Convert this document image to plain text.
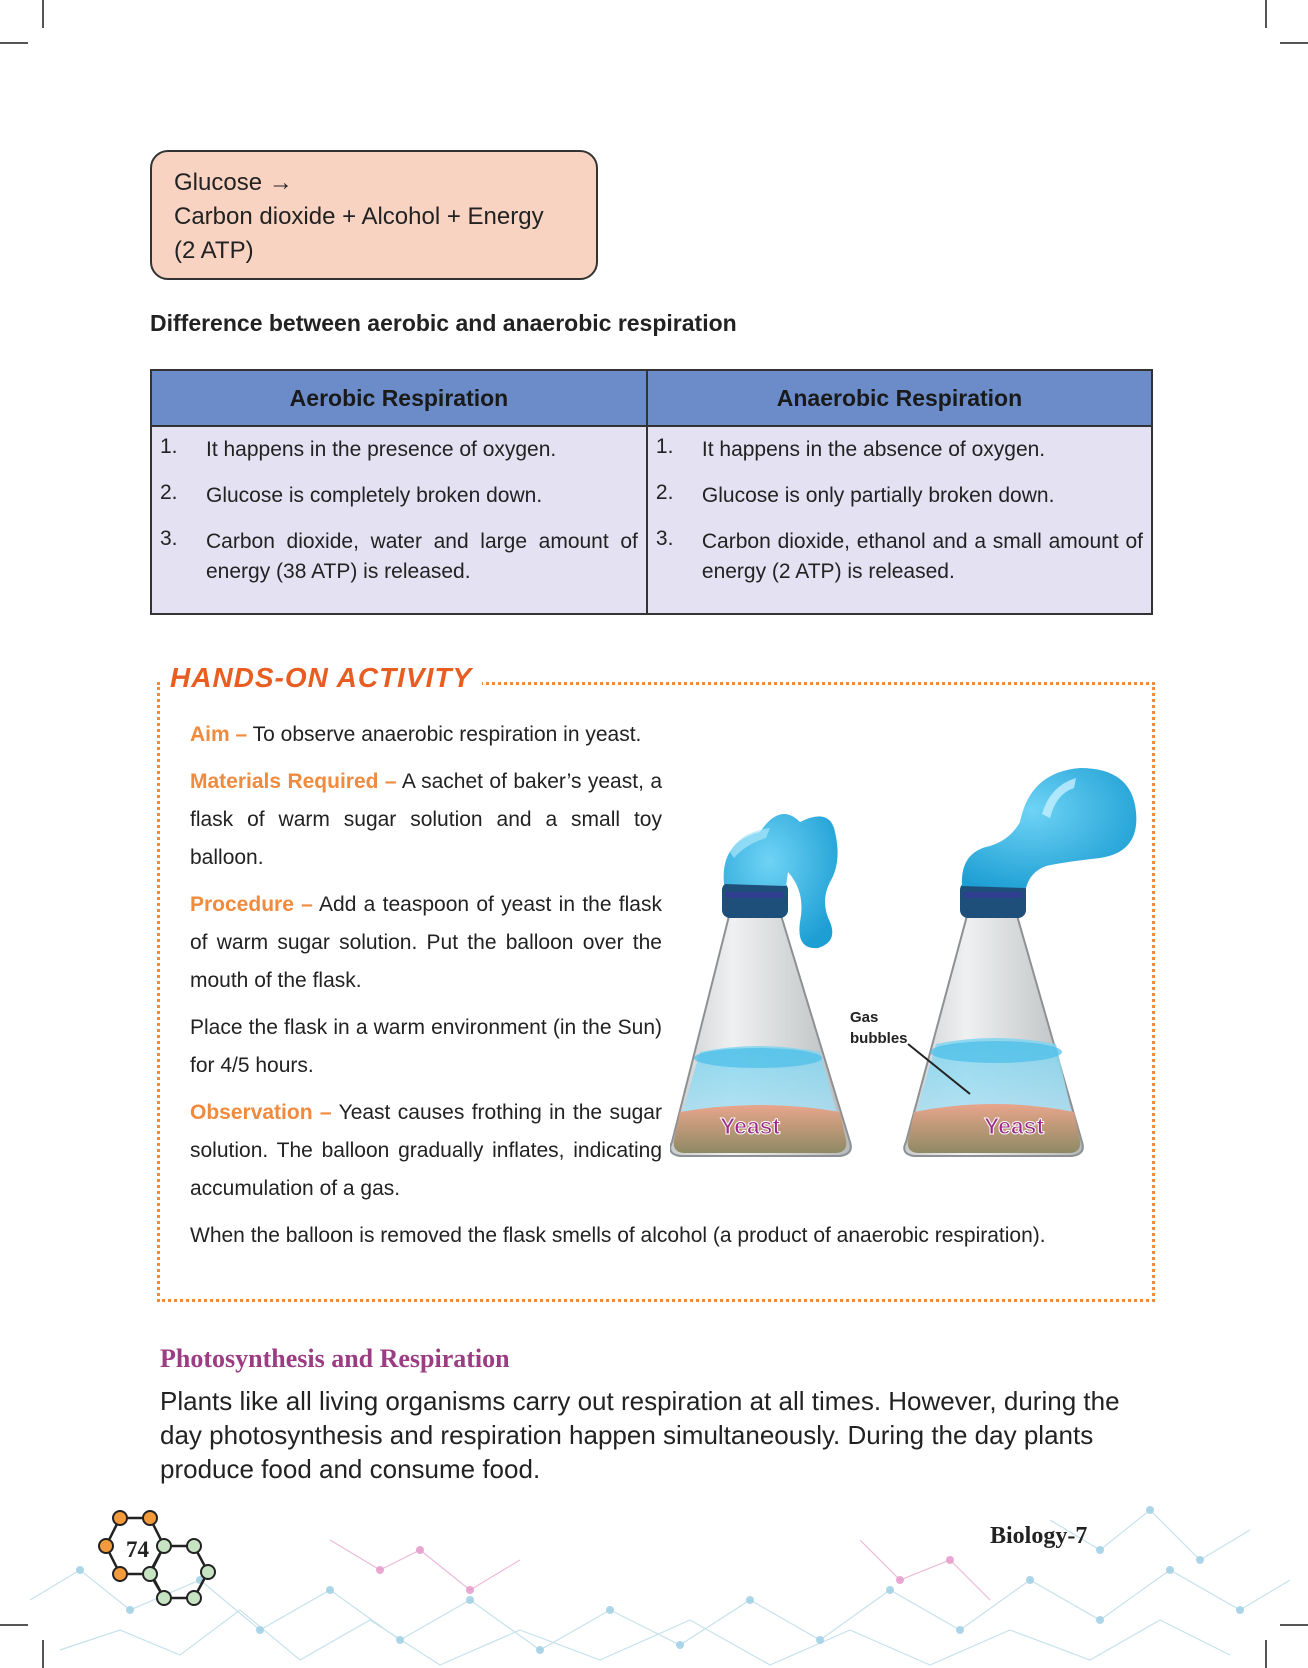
Glucose →
Carbon dioxide + Alcohol + Energy
(2 ATP)
Difference between aerobic and anaerobic respiration
Aerobic Respiration		Anaerobic Respiration	
1.	It happens in the presence of oxygen.	1.	It happens in the absence of oxygen.
2.	Glucose is completely broken down.	2.	Glucose is only partially broken down.
3.	Carbon dioxide, water and large amount of energy (38 ATP) is released.	3.	Carbon dioxide, ethanol and a small amount of energy (2 ATP) is released.
HANDS-ON ACTIVITY
Aim – To observe anaerobic respiration in yeast.
Materials Required – A sachet of baker’s yeast, a flask of warm sugar solution and a small toy balloon.
Procedure – Add a teaspoon of yeast in the flask of warm sugar solution. Put the balloon over the mouth of the flask.
Place the flask in a warm environment (in the Sun) for 4/5 hours.
Observation – Yeast causes frothing in the sugar solution. The balloon gradually inflates, indicating accumulation of a gas.
When the balloon is removed the flask smells of alcohol (a product of anaerobic respiration).
Yeast	Yeast
Gas
bubbles
Photosynthesis and Respiration
Plants like all living organisms carry out respiration at all times. However, during the day photosynthesis and respiration happen simultaneously. During the day plants produce food and consume food.
74
Biology-7
